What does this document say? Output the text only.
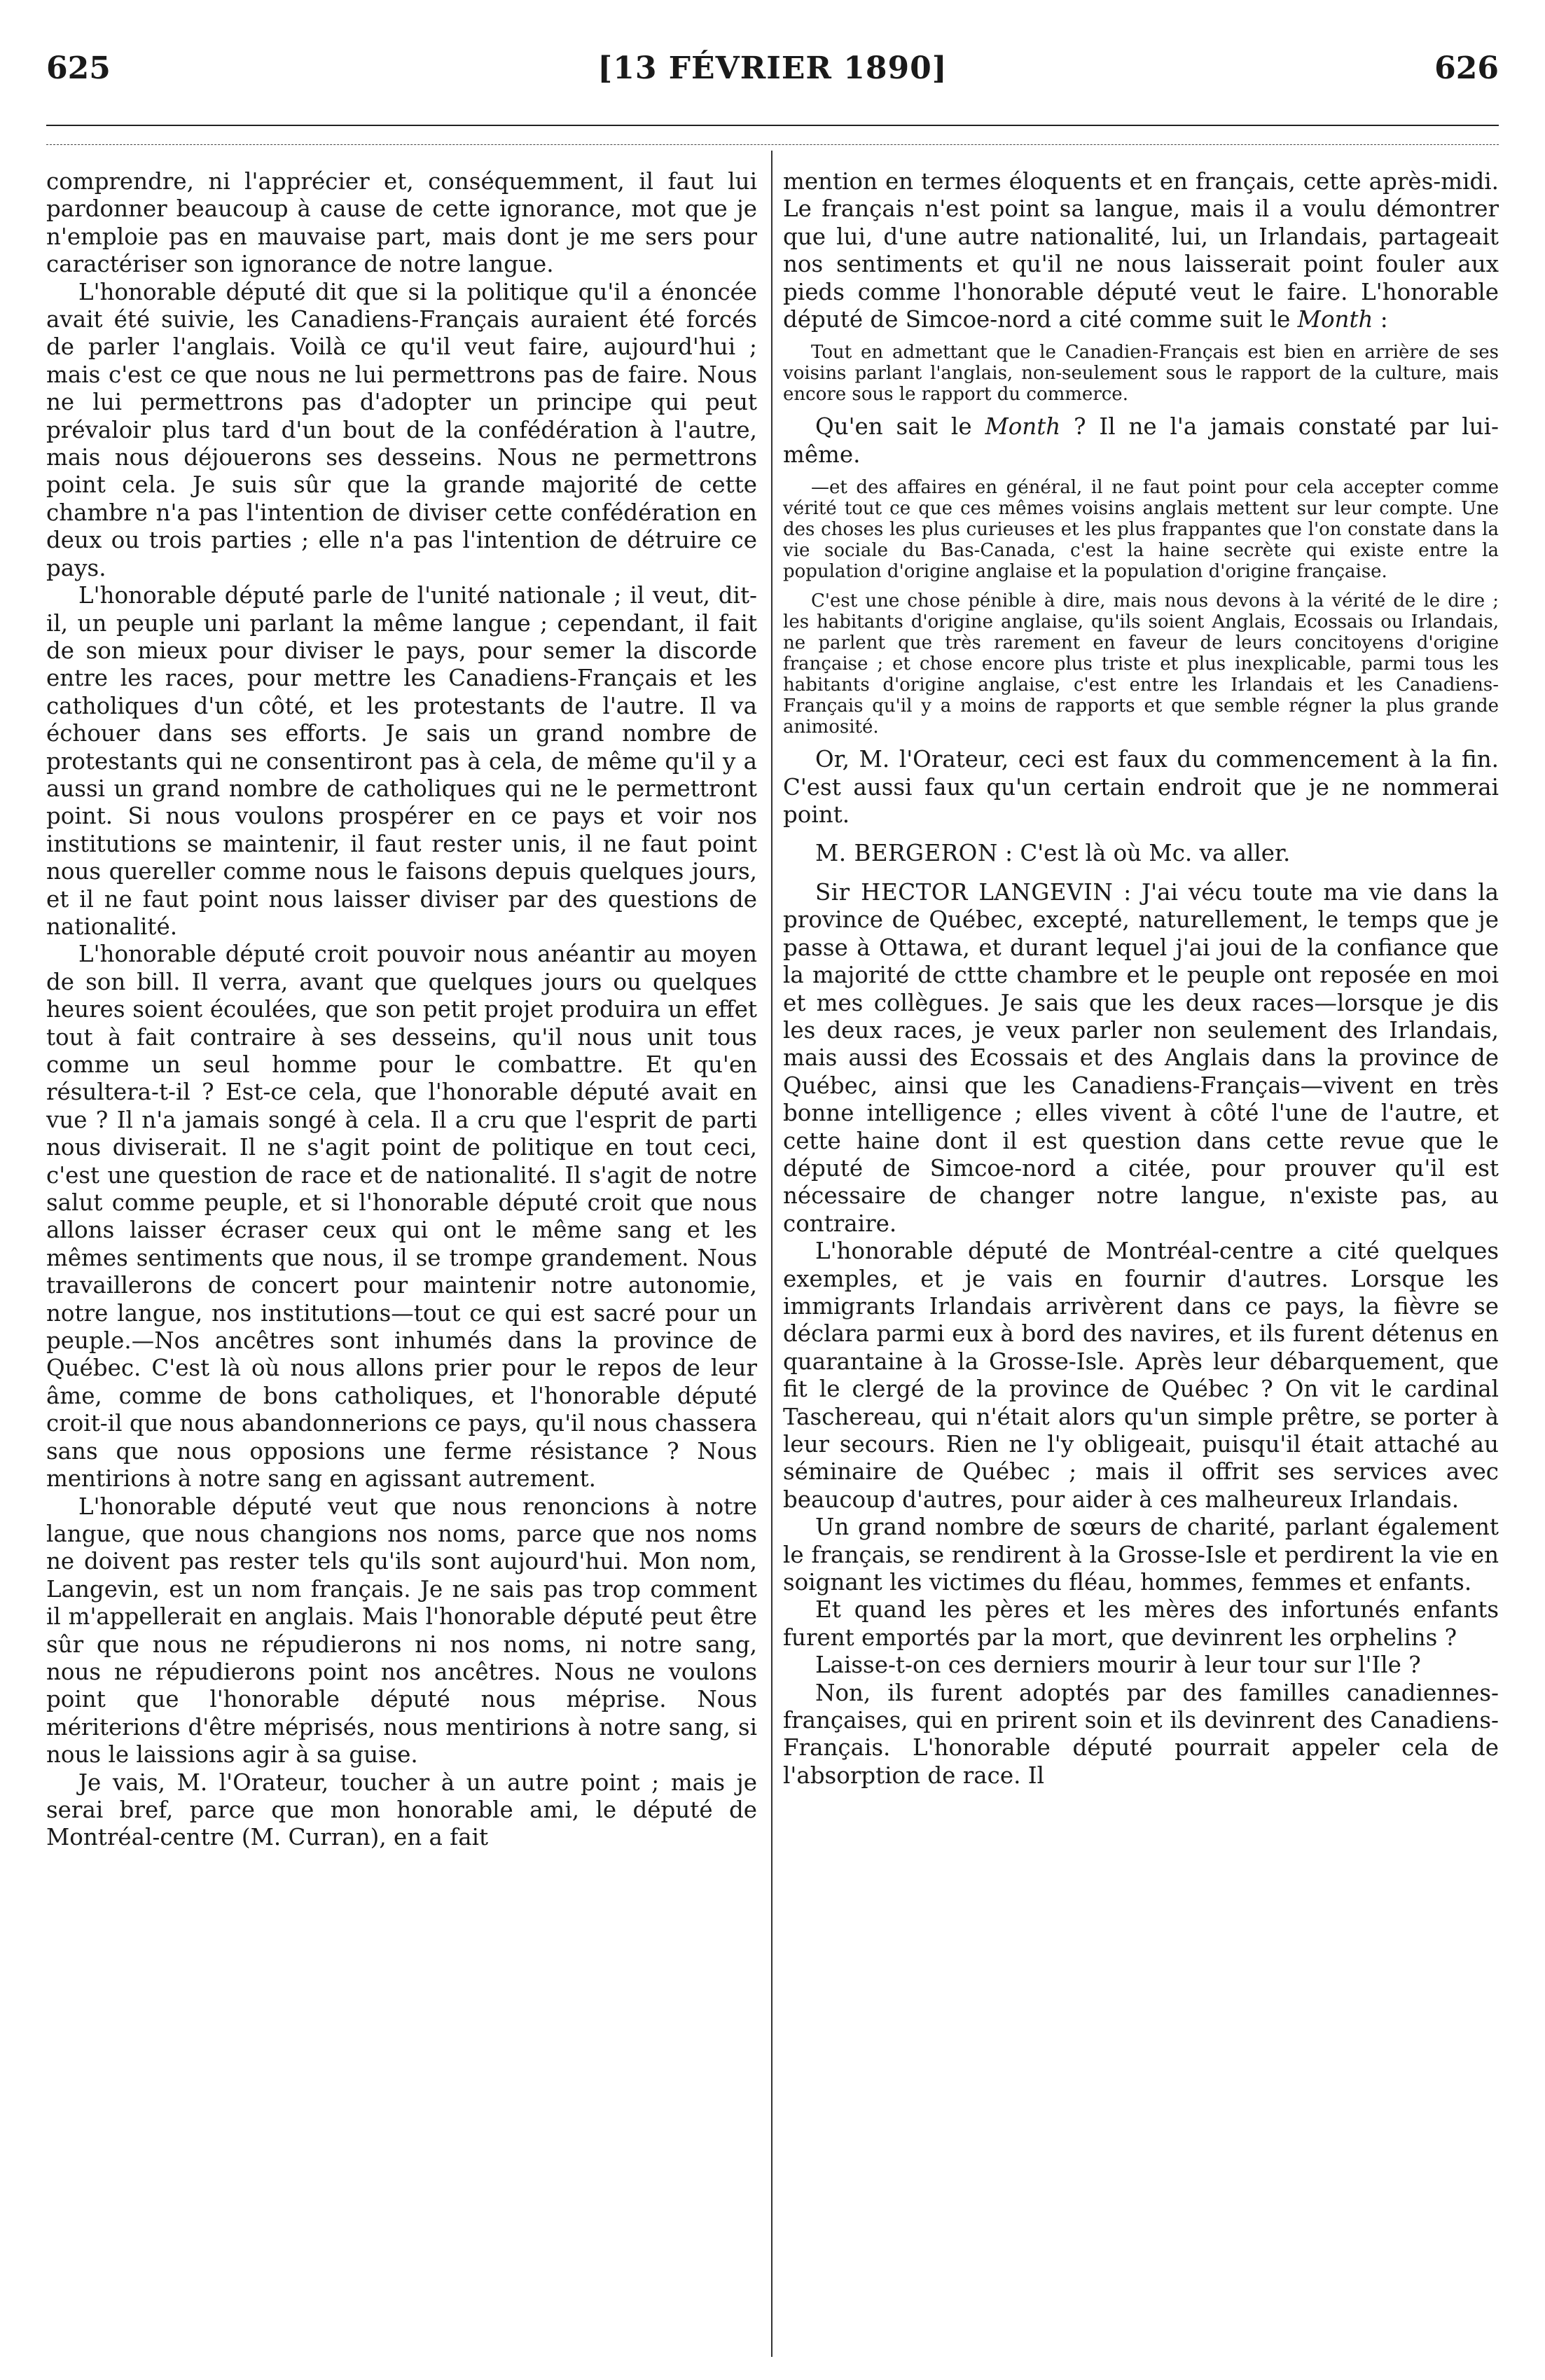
625	[13 FÉVRIER 1890]	626

comprendre, ni l'apprécier et, conséquemment, il faut lui pardonner beaucoup à cause de cette ignorance, mot que je n'emploie pas en mauvaise part, mais dont je me sers pour caractériser son ignorance de notre langue.

L'honorable député dit que si la politique qu'il a énoncée avait été suivie, les Canadiens-Français auraient été forcés de parler l'anglais. Voilà ce qu'il veut faire, aujourd'hui ; mais c'est ce que nous ne lui permettrons pas de faire. Nous ne lui permettrons pas d'adopter un principe qui peut prévaloir plus tard d'un bout de la confédération à l'autre, mais nous déjouerons ses desseins. Nous ne permettrons point cela. Je suis sûr que la grande majorité de cette chambre n'a pas l'intention de diviser cette confédération en deux ou trois parties ; elle n'a pas l'intention de détruire ce pays.

L'honorable député parle de l'unité nationale ; il veut, dit-il, un peuple uni parlant la même langue ; cependant, il fait de son mieux pour diviser le pays, pour semer la discorde entre les races, pour mettre les Canadiens-Français et les catholiques d'un côté, et les protestants de l'autre. Il va échouer dans ses efforts. Je sais un grand nombre de protestants qui ne consentiront pas à cela, de même qu'il y a aussi un grand nombre de catholiques qui ne le permettront point. Si nous voulons prospérer en ce pays et voir nos institutions se maintenir, il faut rester unis, il ne faut point nous quereller comme nous le faisons depuis quelques jours, et il ne faut point nous laisser diviser par des questions de nationalité.

L'honorable député croit pouvoir nous anéantir au moyen de son bill. Il verra, avant que quelques jours ou quelques heures soient écoulées, que son petit projet produira un effet tout à fait contraire à ses desseins, qu'il nous unit tous comme un seul homme pour le combattre. Et qu'en résultera-t-il ? Est-ce cela, que l'honorable député avait en vue ? Il n'a jamais songé à cela. Il a cru que l'esprit de parti nous diviserait. Il ne s'agit point de politique en tout ceci, c'est une question de race et de nationalité. Il s'agit de notre salut comme peuple, et si l'honorable député croit que nous allons laisser écraser ceux qui ont le même sang et les mêmes sentiments que nous, il se trompe grandement. Nous travaillerons de concert pour maintenir notre autonomie, notre langue, nos institutions—tout ce qui est sacré pour un peuple.—Nos ancêtres sont inhumés dans la province de Québec. C'est là où nous allons prier pour le repos de leur âme, comme de bons catholiques, et l'honorable député croit-il que nous abandonnerions ce pays, qu'il nous chassera sans que nous opposions une ferme résistance ? Nous mentirions à notre sang en agissant autrement.

L'honorable député veut que nous renoncions à notre langue, que nous changions nos noms, parce que nos noms ne doivent pas rester tels qu'ils sont aujourd'hui. Mon nom, Langevin, est un nom français. Je ne sais pas trop comment il m'appellerait en anglais. Mais l'honorable député peut être sûr que nous ne répudierons ni nos noms, ni notre sang, nous ne répudierons point nos ancêtres. Nous ne voulons point que l'honorable député nous méprise. Nous mériterions d'être méprisés, nous mentirions à notre sang, si nous le laissions agir à sa guise.

Je vais, M. l'Orateur, toucher à un autre point ; mais je serai bref, parce que mon honorable ami, le député de Montréal-centre (M. Curran), en a fait

mention en termes éloquents et en français, cette après-midi. Le français n'est point sa langue, mais il a voulu démontrer que lui, d'une autre nationalité, lui, un Irlandais, partageait nos sentiments et qu'il ne nous laisserait point fouler aux pieds comme l'honorable député veut le faire. L'honorable député de Simcoe-nord a cité comme suit le Month :

Tout en admettant que le Canadien-Français est bien en arrière de ses voisins parlant l'anglais, non-seulement sous le rapport de la culture, mais encore sous le rapport du commerce.

Qu'en sait le Month ? Il ne l'a jamais constaté par lui-même.

—et des affaires en général, il ne faut point pour cela accepter comme vérité tout ce que ces mêmes voisins anglais mettent sur leur compte. Une des choses les plus curieuses et les plus frappantes que l'on constate dans la vie sociale du Bas-Canada, c'est la haine secrète qui existe entre la population d'origine anglaise et la population d'origine française.

C'est une chose pénible à dire, mais nous devons à la vérité de le dire ; les habitants d'origine anglaise, qu'ils soient Anglais, Ecossais ou Irlandais, ne parlent que très rarement en faveur de leurs concitoyens d'origine française ; et chose encore plus triste et plus inexplicable, parmi tous les habitants d'origine anglaise, c'est entre les Irlandais et les Canadiens-Français qu'il y a moins de rapports et que semble régner la plus grande animosité.

Or, M. l'Orateur, ceci est faux du commencement à la fin. C'est aussi faux qu'un certain endroit que je ne nommerai point.

M. BERGERON : C'est là où Mc. va aller.

Sir HECTOR LANGEVIN : J'ai vécu toute ma vie dans la province de Québec, excepté, naturellement, le temps que je passe à Ottawa, et durant lequel j'ai joui de la confiance que la majorité de cttte chambre et le peuple ont reposée en moi et mes collègues. Je sais que les deux races—lorsque je dis les deux races, je veux parler non seulement des Irlandais, mais aussi des Ecossais et des Anglais dans la province de Québec, ainsi que les Canadiens-Français—vivent en très bonne intelligence ; elles vivent à côté l'une de l'autre, et cette haine dont il est question dans cette revue que le député de Simcoe-nord a citée, pour prouver qu'il est nécessaire de changer notre langue, n'existe pas, au contraire.

L'honorable député de Montréal-centre a cité quelques exemples, et je vais en fournir d'autres. Lorsque les immigrants Irlandais arrivèrent dans ce pays, la fièvre se déclara parmi eux à bord des navires, et ils furent détenus en quarantaine à la Grosse-Isle. Après leur débarquement, que fit le clergé de la province de Québec ? On vit le cardinal Taschereau, qui n'était alors qu'un simple prêtre, se porter à leur secours. Rien ne l'y obligeait, puisqu'il était attaché au séminaire de Québec ; mais il offrit ses services avec beaucoup d'autres, pour aider à ces malheureux Irlandais.

Un grand nombre de sœurs de charité, parlant également le français, se rendirent à la Grosse-Isle et perdirent la vie en soignant les victimes du fléau, hommes, femmes et enfants.

Et quand les pères et les mères des infortunés enfants furent emportés par la mort, que devinrent les orphelins ?

Laisse-t-on ces derniers mourir à leur tour sur l'Ile ?

Non, ils furent adoptés par des familles canadiennes-françaises, qui en prirent soin et ils devinrent des Canadiens-Français. L'honorable député pourrait appeler cela de l'absorption de race. Il
